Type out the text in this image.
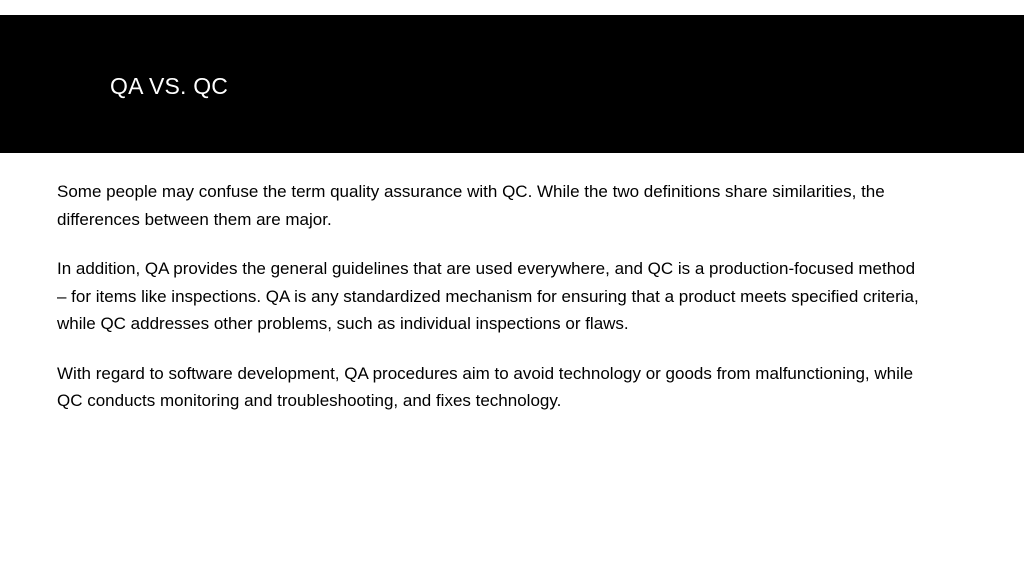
QA VS. QC

Some people may confuse the term quality assurance with QC. While the two definitions share similarities, the differences between them are major.

In addition, QA provides the general guidelines that are used everywhere, and QC is a production-focused method – for items like inspections. QA is any standardized mechanism for ensuring that a product meets specified criteria, while QC addresses other problems, such as individual inspections or flaws.

With regard to software development, QA procedures aim to avoid technology or goods from malfunctioning, while QC conducts monitoring and troubleshooting, and fixes technology.
